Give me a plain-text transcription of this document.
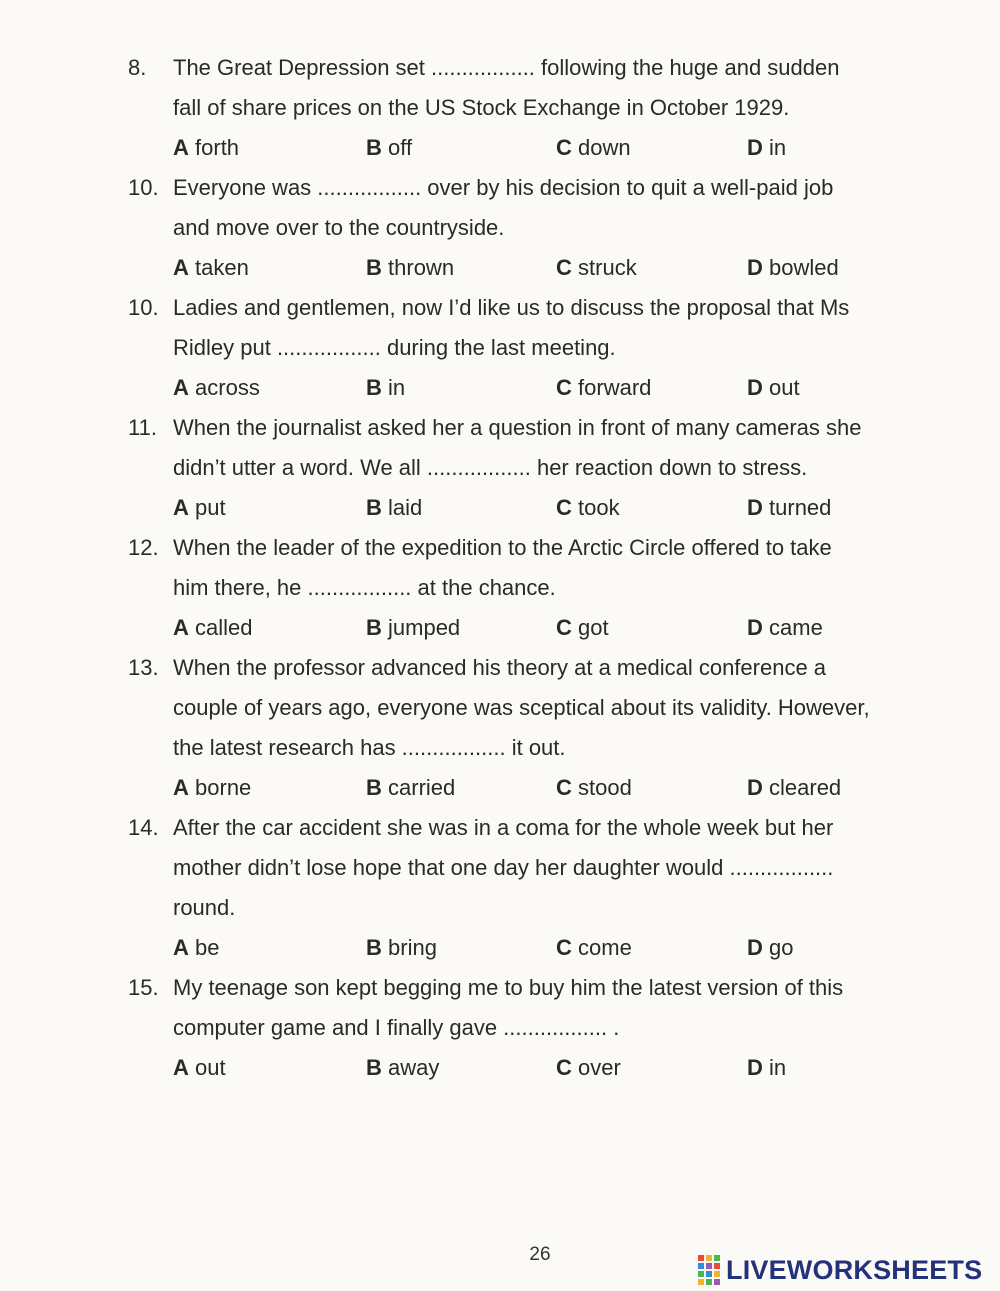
8. The Great Depression set ................. following the huge and sudden
fall of share prices on the US Stock Exchange in October 1929.
A forth	B off	C down	D in
10. Everyone was ................. over by his decision to quit a well-paid job
and move over to the countryside.
A taken	B thrown	C struck	D bowled
10. Ladies and gentlemen, now I’d like us to discuss the proposal that Ms
Ridley put ................. during the last meeting.
A across	B in	C forward	D out
11. When the journalist asked her a question in front of many cameras she
didn’t utter a word. We all ................. her reaction down to stress.
A put	B laid	C took	D turned
12. When the leader of the expedition to the Arctic Circle offered to take
him there, he ................. at the chance.
A called	B jumped	C got	D came
13. When the professor advanced his theory at a medical conference a
couple of years ago, everyone was sceptical about its validity. However,
the latest research has ................. it out.
A borne	B carried	C stood	D cleared
14. After the car accident she was in a coma for the whole week but her
mother didn’t lose hope that one day her daughter would .................
round.
A be	B bring	C come	D go
15. My teenage son kept begging me to buy him the latest version of this
computer game and I finally gave ................. .
A out	B away	C over	D in
26	LIVEWORKSHEETS
